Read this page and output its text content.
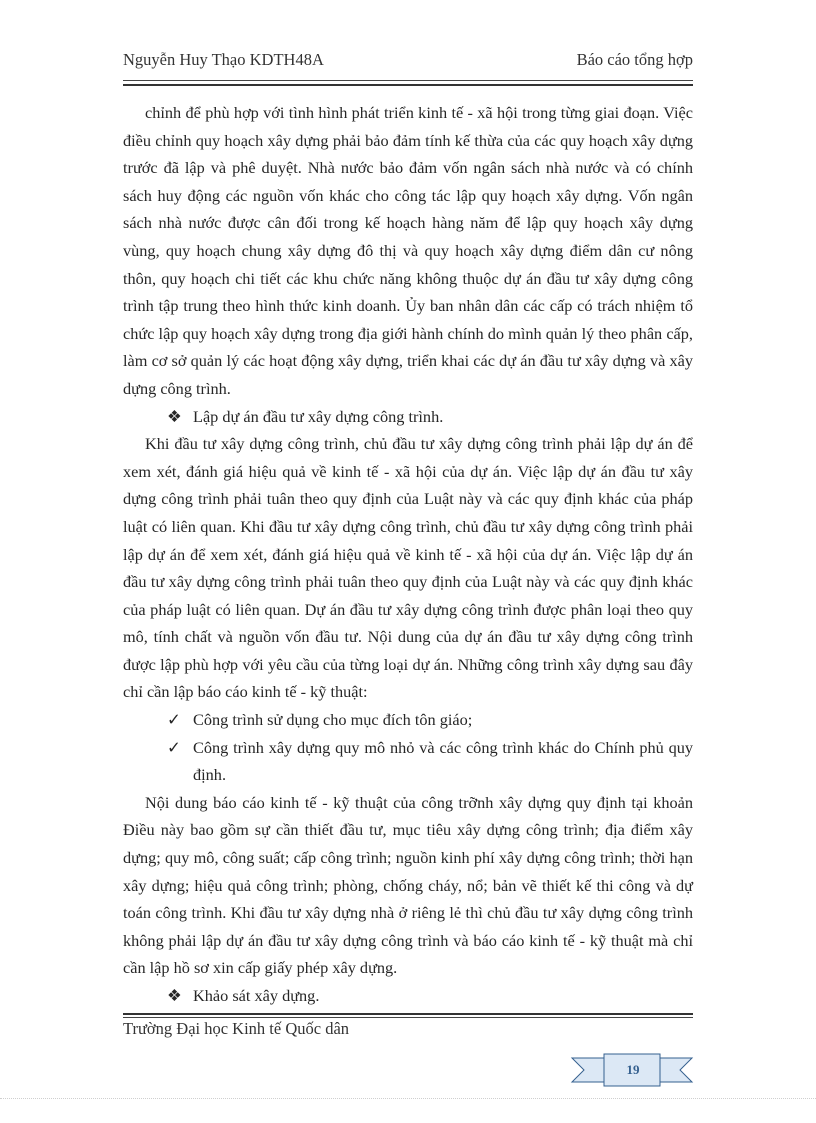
Nguyễn Huy Thạo KDTH48A	Báo cáo tổng hợp

chỉnh để phù hợp với tình hình phát triển kinh tế - xã hội trong từng giai đoạn. Việc điều chỉnh quy hoạch xây dựng phải bảo đảm tính kế thừa của các quy hoạch xây dựng trước đã lập và phê duyệt. Nhà nước bảo đảm vốn ngân sách nhà nước và có chính sách huy động các nguồn vốn khác cho công tác lập quy hoạch xây dựng. Vốn ngân sách nhà nước được cân đối trong kế hoạch hàng năm để lập quy hoạch xây dựng vùng, quy hoạch chung xây dựng đô thị và quy hoạch xây dựng điểm dân cư nông thôn, quy hoạch chi tiết các khu chức năng không thuộc dự án đầu tư xây dựng công trình tập trung theo hình thức kinh doanh. Ủy ban nhân dân các cấp có trách nhiệm tổ chức lập quy hoạch xây dựng trong địa giới hành chính do mình quản lý theo phân cấp, làm cơ sở quản lý các hoạt động xây dựng, triển khai các dự án đầu tư xây dựng và xây dựng công trình.

❖ Lập dự án đầu tư xây dựng công trình.

Khi đầu tư xây dựng công trình, chủ đầu tư xây dựng công trình phải lập dự án để xem xét, đánh giá hiệu quả về kinh tế - xã hội của dự án. Việc lập dự án đầu tư xây dựng công trình phải tuân theo quy định của Luật này và các quy định khác của pháp luật có liên quan. Khi đầu tư xây dựng công trình, chủ đầu tư xây dựng công trình phải lập dự án để xem xét, đánh giá hiệu quả về kinh tế - xã hội của dự án. Việc lập dự án đầu tư xây dựng công trình phải tuân theo quy định của Luật này và các quy định khác của pháp luật có liên quan. Dự án đầu tư xây dựng công trình được phân loại theo quy mô, tính chất và nguồn vốn đầu tư. Nội dung của dự án đầu tư xây dựng công trình được lập phù hợp với yêu cầu của từng loại dự án. Những công trình xây dựng sau đây chỉ cần lập báo cáo kinh tế - kỹ thuật:

✓ Công trình sử dụng cho mục đích tôn giáo;
✓ Công trình xây dựng quy mô nhỏ và các công trình khác do Chính phủ quy định.

Nội dung báo cáo kinh tế - kỹ thuật của công trỡnh xây dựng quy định tại khoản Điều này bao gồm sự cần thiết đầu tư, mục tiêu xây dựng công trình; địa điểm xây dựng; quy mô, công suất; cấp công trình; nguồn kinh phí xây dựng công trình; thời hạn xây dựng; hiệu quả công trình; phòng, chống cháy, nổ; bản vẽ thiết kế thi công và dự toán công trình. Khi đầu tư xây dựng nhà ở riêng lẻ thì chủ đầu tư xây dựng công trình không phải lập dự án đầu tư xây dựng công trình và báo cáo kinh tế - kỹ thuật mà chỉ cần lập hồ sơ xin cấp giấy phép xây dựng.

❖ Khảo sát xây dựng.
Trường Đại học Kinh tế Quốc dân
19
